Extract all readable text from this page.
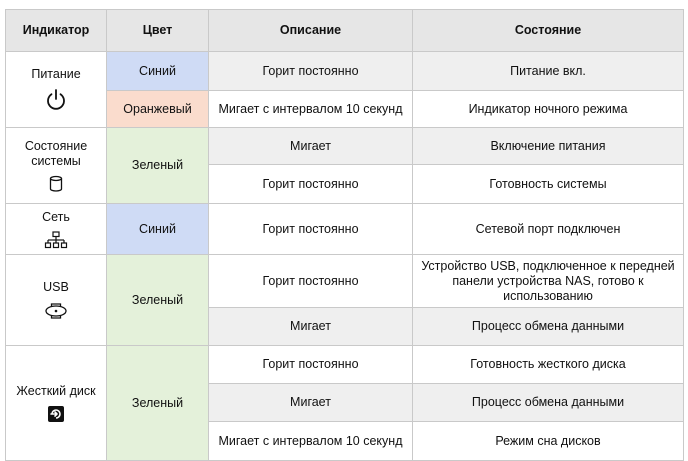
Индикатор	Цвет	Описание	Состояние

Питание	Синий	Горит постоянно	Питание вкл.
	Оранжевый	Мигает с интервалом 10 секунд	Индикатор ночного режима

Состояние системы	Зеленый	Мигает	Включение питания
		Горит постоянно	Готовность системы

Сеть	Синий	Горит постоянно	Сетевой порт подключен

USB	Зеленый	Горит постоянно	Устройство USB, подключенное к передней панели устройства NAS, готово к использованию
		Мигает	Процесс обмена данными

Жесткий диск	Зеленый	Горит постоянно	Готовность жесткого диска
		Мигает	Процесс обмена данными
		Мигает с интервалом 10 секунд	Режим сна дисков
